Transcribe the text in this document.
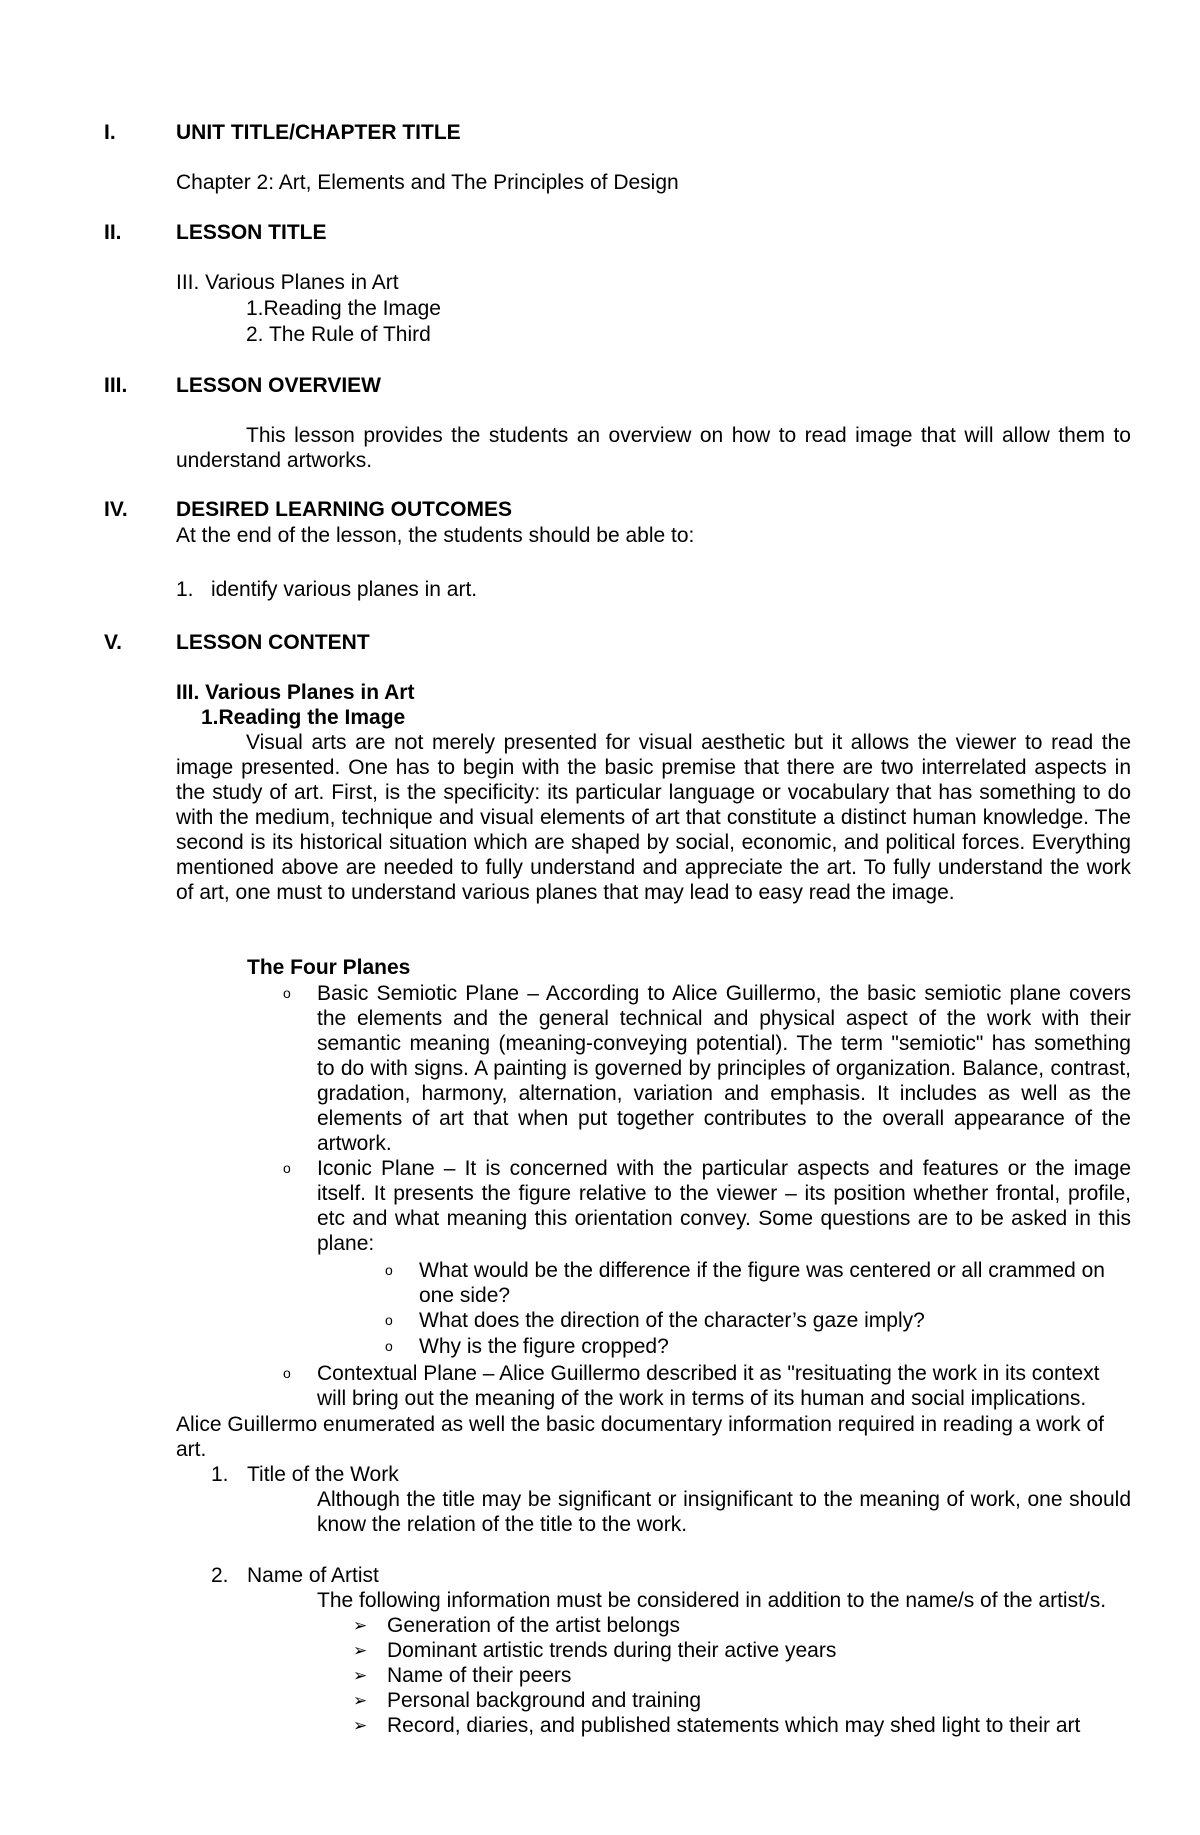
I.	UNIT TITLE/CHAPTER TITLE
Chapter 2: Art, Elements and The Principles of Design
II.	LESSON TITLE
III. Various Planes in Art
1.Reading the Image
2. The Rule of Third
III. LESSON OVERVIEW
This lesson provides the students an overview on how to read image that will allow them to understand artworks.
IV. DESIRED LEARNING OUTCOMES
At the end of the lesson, the students should be able to:
1. identify various planes in art.
V.	LESSON CONTENT
III. Various Planes in Art
1.Reading the Image
Visual arts are not merely presented for visual aesthetic but it allows the viewer to read the image presented. One has to begin with the basic premise that there are two interrelated aspects in the study of art. First, is the specificity: its particular language or vocabulary that has something to do with the medium, technique and visual elements of art that constitute a distinct human knowledge. The second is its historical situation which are shaped by social, economic, and political forces. Everything mentioned above are needed to fully understand and appreciate the art. To fully understand the work of art, one must to understand various planes that may lead to easy read the image.
The Four Planes
o Basic Semiotic Plane – According to Alice Guillermo, the basic semiotic plane covers the elements and the general technical and physical aspect of the work with their semantic meaning (meaning-conveying potential). The term "semiotic" has something to do with signs. A painting is governed by principles of organization. Balance, contrast, gradation, harmony, alternation, variation and emphasis. It includes as well as the elements of art that when put together contributes to the overall appearance of the artwork.
o Iconic Plane – It is concerned with the particular aspects and features or the image itself. It presents the figure relative to the viewer – its position whether frontal, profile, etc and what meaning this orientation convey. Some questions are to be asked in this plane:
o What would be the difference if the figure was centered or all crammed on one side?
o What does the direction of the character’s gaze imply?
o Why is the figure cropped?
o Contextual Plane – Alice Guillermo described it as "resituating the work in its context will bring out the meaning of the work in terms of its human and social implications.
Alice Guillermo enumerated as well the basic documentary information required in reading a work of art.
1. Title of the Work
Although the title may be significant or insignificant to the meaning of work, one should know the relation of the title to the work.
2. Name of Artist
The following information must be considered in addition to the name/s of the artist/s.
➢ Generation of the artist belongs
➢ Dominant artistic trends during their active years
➢ Name of their peers
➢ Personal background and training
➢ Record, diaries, and published statements which may shed light to their art
